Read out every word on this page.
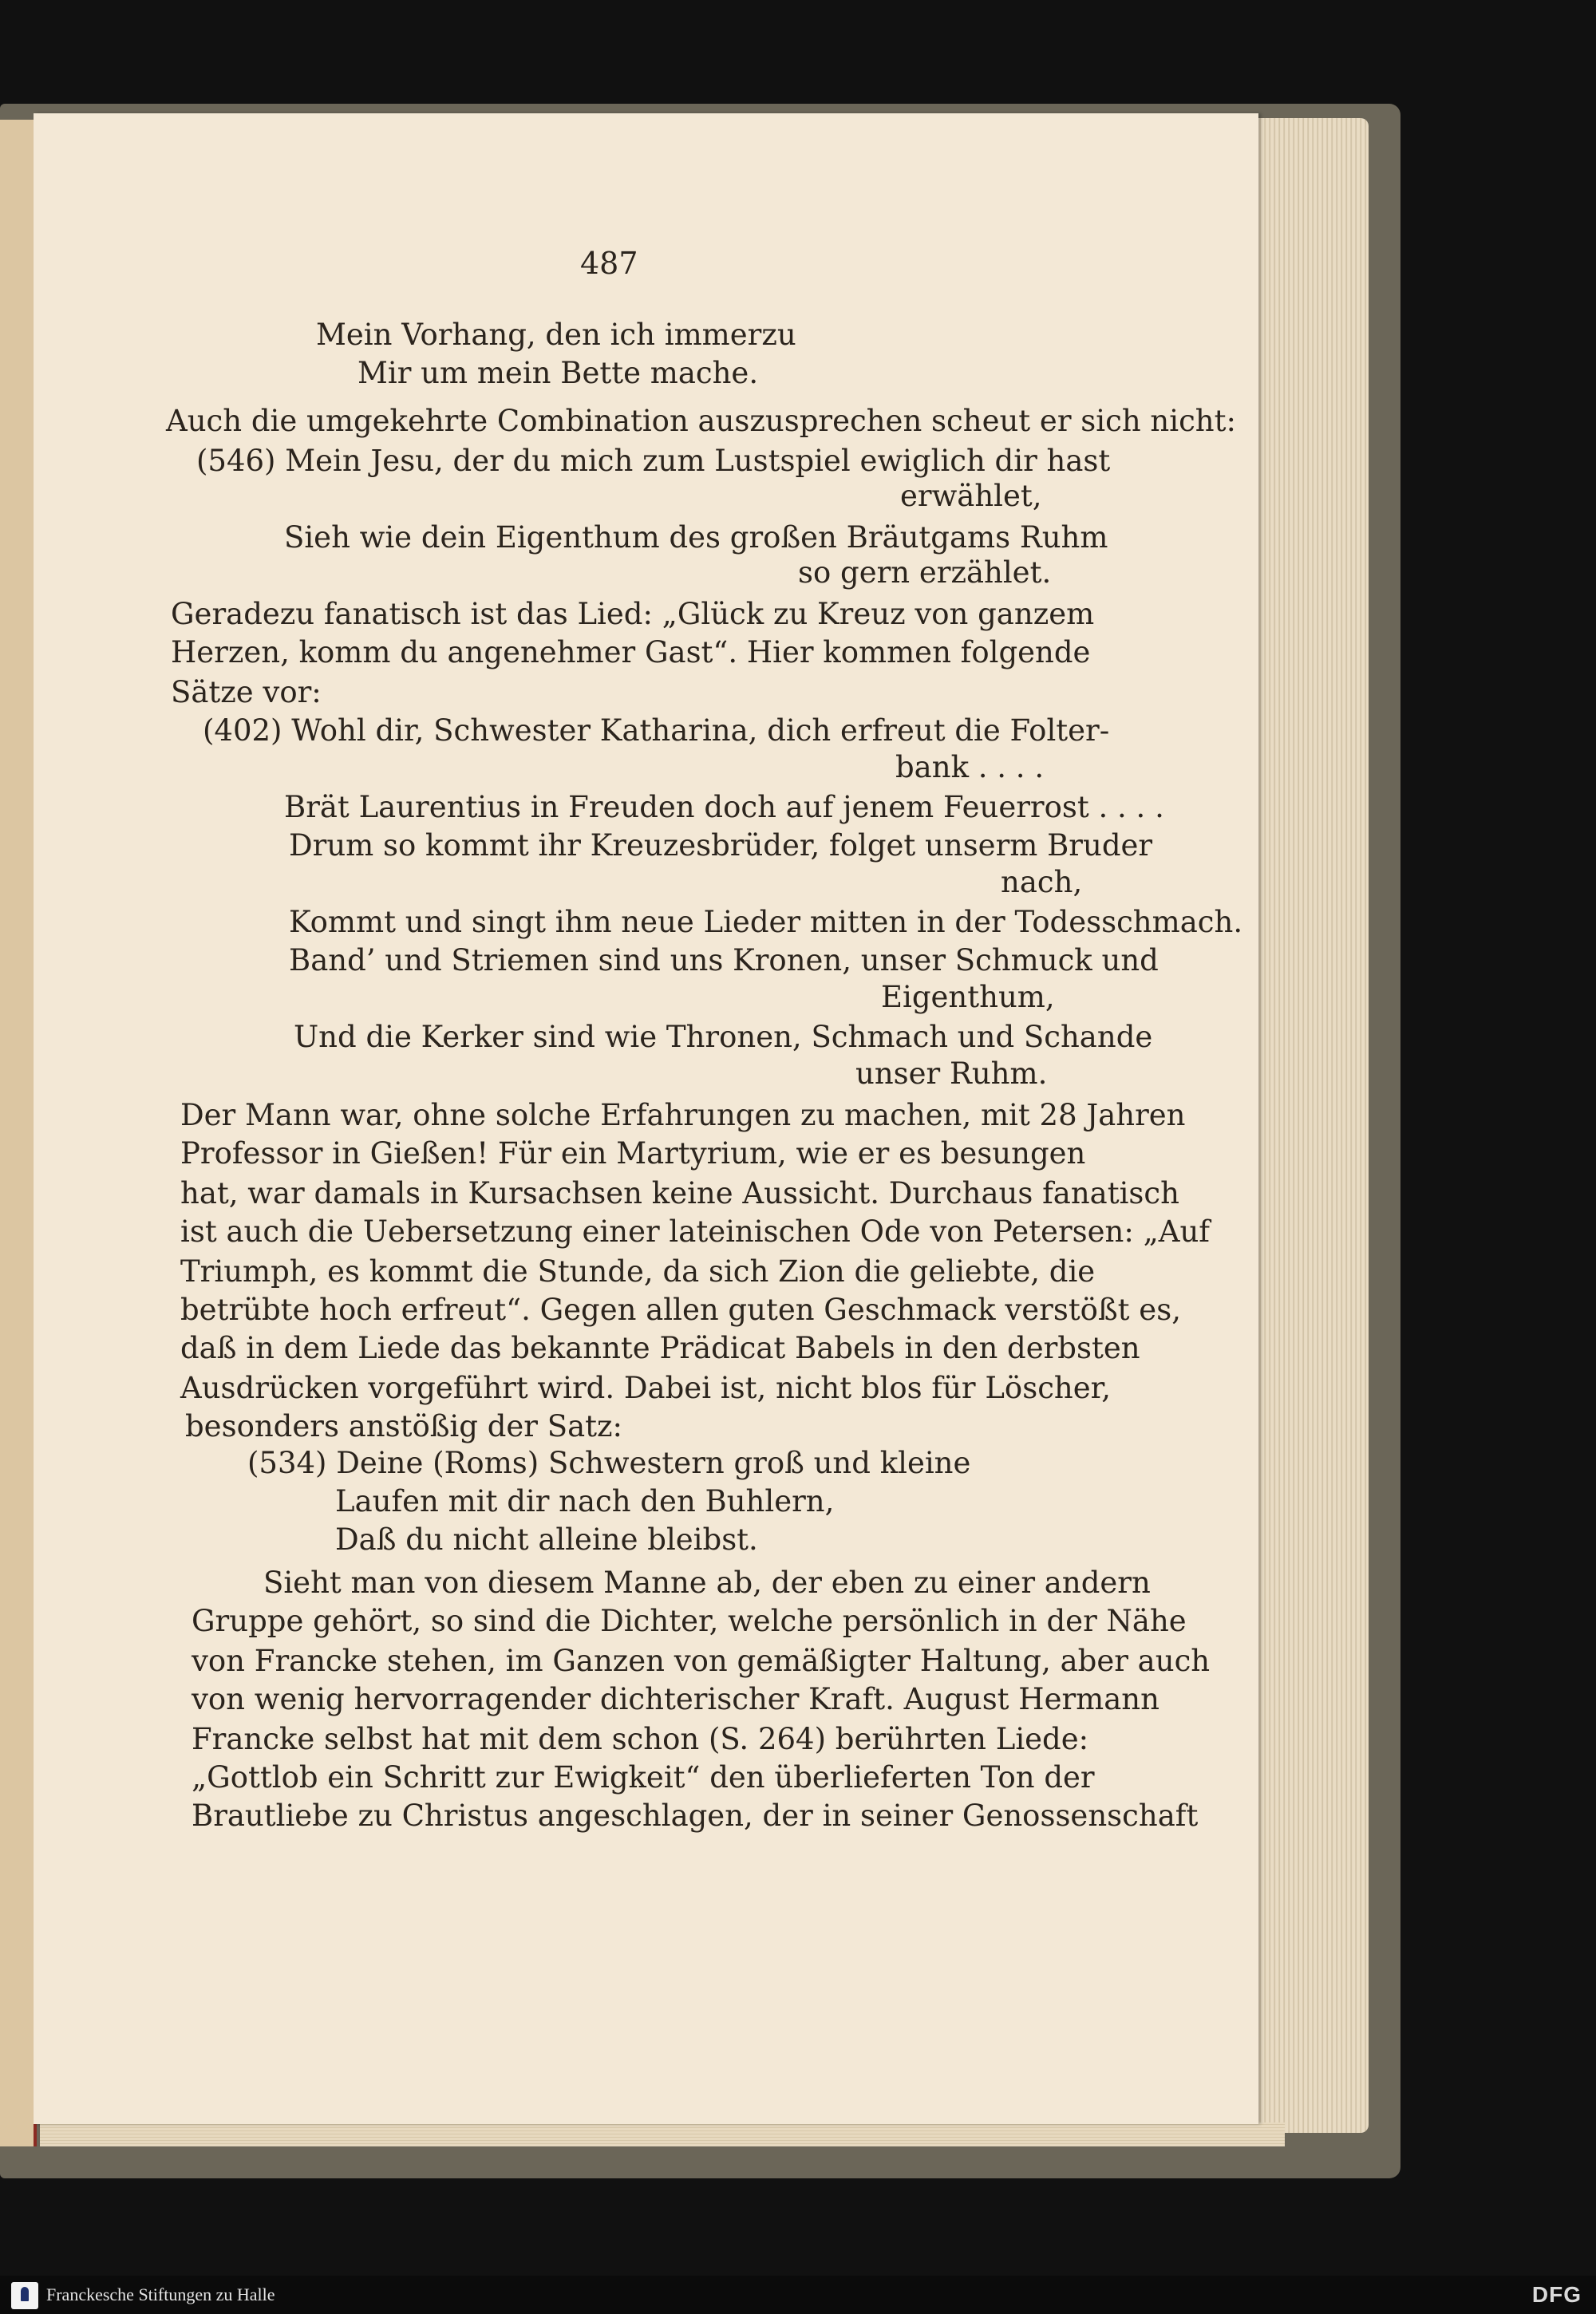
487
Mein Vorhang, den ich immerzu
Mir um mein Bette mache.
Auch die umgekehrte Combination auszusprechen scheut er sich nicht:
(546) Mein Jesu, der du mich zum Lustspiel ewiglich dir hast
erwählet,
Sieh wie dein Eigenthum des großen Bräutgams Ruhm
so gern erzählet.
Geradezu fanatisch ist das Lied: „Glück zu Kreuz von ganzem
Herzen, komm du angenehmer Gast“. Hier kommen folgende
Sätze vor:
(402) Wohl dir, Schwester Katharina, dich erfreut die Folter-
bank . . . .
Brät Laurentius in Freuden doch auf jenem Feuerrost . . . .
Drum so kommt ihr Kreuzesbrüder, folget unserm Bruder
nach,
Kommt und singt ihm neue Lieder mitten in der Todesschmach.
Band’ und Striemen sind uns Kronen, unser Schmuck und
Eigenthum,
Und die Kerker sind wie Thronen, Schmach und Schande
unser Ruhm.
Der Mann war, ohne solche Erfahrungen zu machen, mit 28 Jahren
Professor in Gießen! Für ein Martyrium, wie er es besungen
hat, war damals in Kursachsen keine Aussicht. Durchaus fanatisch
ist auch die Uebersetzung einer lateinischen Ode von Petersen: „Auf
Triumph, es kommt die Stunde, da sich Zion die geliebte, die
betrübte hoch erfreut“. Gegen allen guten Geschmack verstößt es,
daß in dem Liede das bekannte Prädicat Babels in den derbsten
Ausdrücken vorgeführt wird. Dabei ist, nicht blos für Löscher,
besonders anstößig der Satz:
(534) Deine (Roms) Schwestern groß und kleine
Laufen mit dir nach den Buhlern,
Daß du nicht alleine bleibst.
Sieht man von diesem Manne ab, der eben zu einer andern
Gruppe gehört, so sind die Dichter, welche persönlich in der Nähe
von Francke stehen, im Ganzen von gemäßigter Haltung, aber auch
von wenig hervorragender dichterischer Kraft. August Hermann
Francke selbst hat mit dem schon (S. 264) berührten Liede:
„Gottlob ein Schritt zur Ewigkeit“ den überlieferten Ton der
Brautliebe zu Christus angeschlagen, der in seiner Genossenschaft
Franckesche Stiftungen zu Halle	DFG
